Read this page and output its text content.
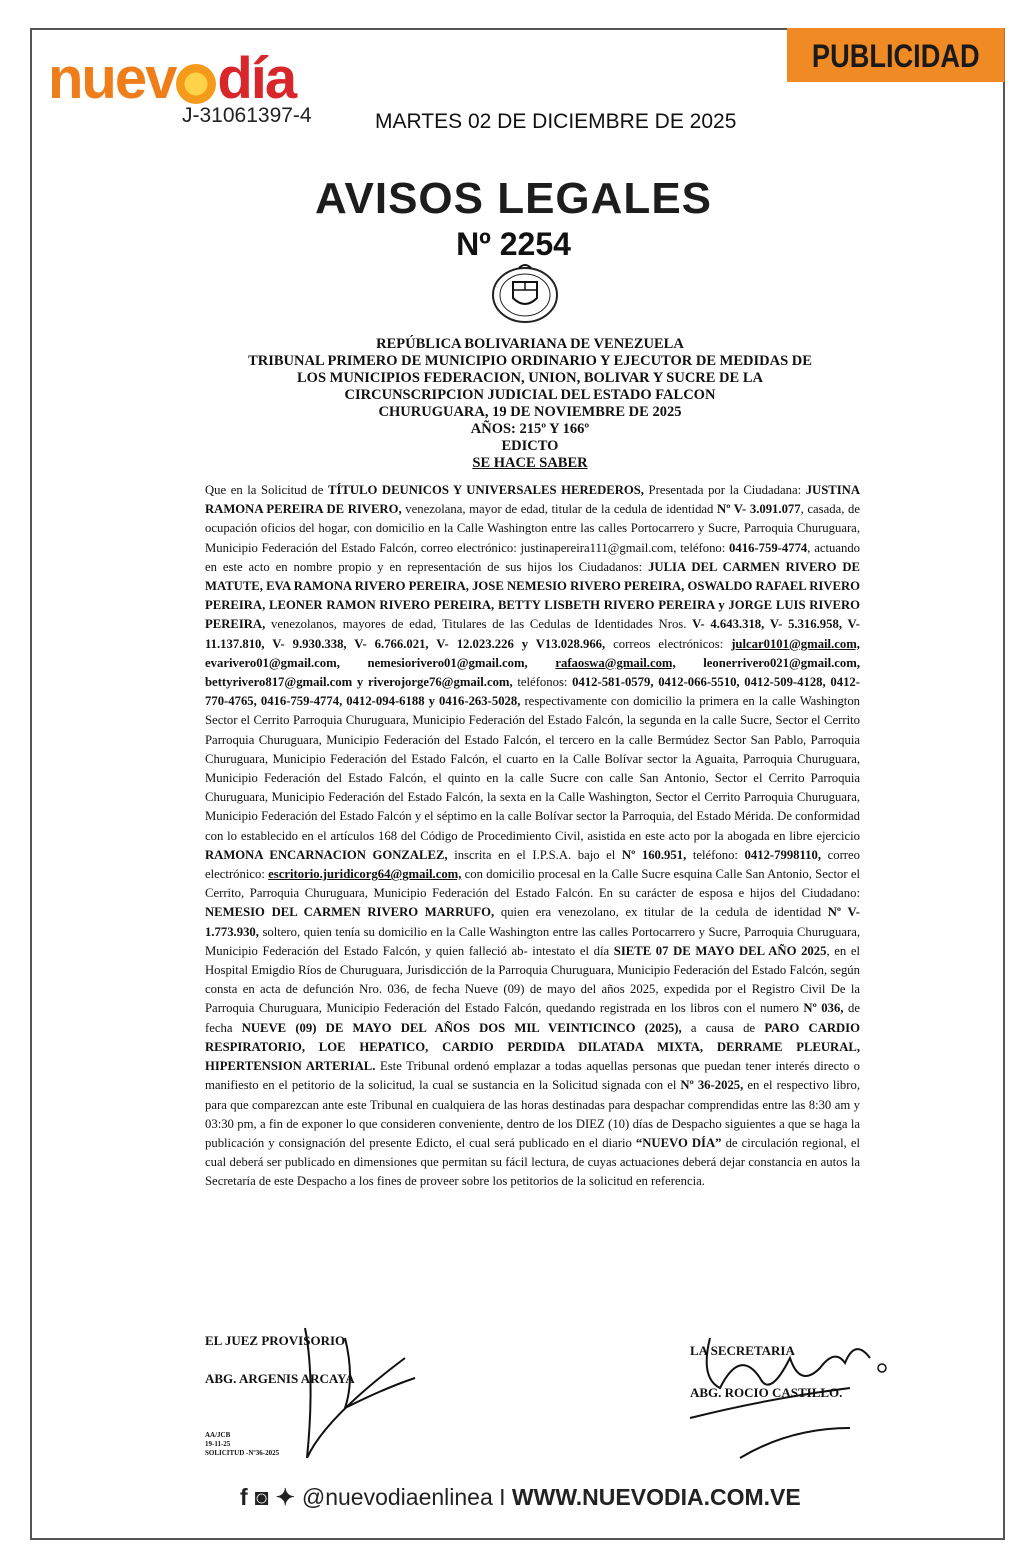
nuev día
J-31061397-4
PUBLICIDAD
MARTES 02 DE DICIEMBRE DE 2025
AVISOS LEGALES
Nº 2254
REPÚBLICA BOLIVARIANA DE VENEZUELA
TRIBUNAL PRIMERO DE MUNICIPIO ORDINARIO Y EJECUTOR DE MEDIDAS DE
LOS MUNICIPIOS FEDERACION, UNION, BOLIVAR Y SUCRE DE LA
CIRCUNSCRIPCION JUDICIAL DEL ESTADO FALCON
CHURUGUARA, 19 DE NOVIEMBRE DE 2025
AÑOS: 215º Y 166º
EDICTO
SE HACE SABER

Que en la Solicitud de TÍTULO DEUNICOS Y UNIVERSALES HEREDEROS, Presentada por la Ciudadana: JUSTINA RAMONA PEREIRA DE RIVERO, venezolana, mayor de edad, titular de la cedula de identidad Nº V- 3.091.077, casada, de ocupación oficios del hogar, con domicilio en la Calle Washington entre las calles Portocarrero y Sucre, Parroquia Churuguara, Municipio Federación del Estado Falcón, correo electrónico: justinapereira111@gmail.com, teléfono: 0416-759-4774, actuando en este acto en nombre propio y en representación de sus hijos los Ciudadanos: JULIA DEL CARMEN RIVERO DE MATUTE, EVA RAMONA RIVERO PEREIRA, JOSE NEMESIO RIVERO PEREIRA, OSWALDO RAFAEL RIVERO PEREIRA, LEONER RAMON RIVERO PEREIRA, BETTY LISBETH RIVERO PEREIRA y JORGE LUIS RIVERO PEREIRA, venezolanos, mayores de edad, Titulares de las Cedulas de Identidades Nros. V- 4.643.318, V- 5.316.958, V- 11.137.810, V- 9.930.338, V- 6.766.021, V- 12.023.226 y V13.028.966, correos electrónicos: julcar0101@gmail.com, evarivero01@gmail.com, nemesiorivero01@gmail.com, rafaoswa@gmail.com, leonerrivero021@gmail.com, bettyrivero817@gmail.com y riverojorge76@gmail.com, teléfonos: 0412-581-0579, 0412-066-5510, 0412-509-4128, 0412-770-4765, 0416-759-4774, 0412-094-6188 y 0416-263-5028, respectivamente con domicilio la primera en la calle Washington Sector el Cerrito Parroquia Churuguara, Municipio Federación del Estado Falcón, la segunda en la calle Sucre, Sector el Cerrito Parroquia Churuguara, Municipio Federación del Estado Falcón, el tercero en la calle Bermúdez Sector San Pablo, Parroquia Churuguara, Municipio Federación del Estado Falcón, el cuarto en la Calle Bolívar sector la Aguaita, Parroquia Churuguara, Municipio Federación del Estado Falcón, el quinto en la calle Sucre con calle San Antonio, Sector el Cerrito Parroquia Churuguara, Municipio Federación del Estado Falcón, la sexta en la Calle Washington, Sector el Cerrito Parroquia Churuguara, Municipio Federación del Estado Falcón y el séptimo en la calle Bolívar sector la Parroquia, del Estado Mérida. De conformidad con lo establecido en el artículos 168 del Código de Procedimiento Civil, asistida en este acto por la abogada en libre ejercicio RAMONA ENCARNACION GONZALEZ, inscrita en el I.P.S.A. bajo el Nº 160.951, teléfono: 0412-7998110, correo electrónico: escritorio.juridicorg64@gmail.com, con domicilio procesal en la Calle Sucre esquina Calle San Antonio, Sector el Cerrito, Parroquia Churuguara, Municipio Federación del Estado Falcón. En su carácter de esposa e hijos del Ciudadano: NEMESIO DEL CARMEN RIVERO MARRUFO, quien era venezolano, ex titular de la cedula de identidad Nº V- 1.773.930, soltero, quien tenía su domicilio en la Calle Washington entre las calles Portocarrero y Sucre, Parroquia Churuguara, Municipio Federación del Estado Falcón, y quien falleció ab- intestato el día SIETE 07 DE MAYO DEL AÑO 2025, en el Hospital Emigdio Ríos de Churuguara, Jurisdicción de la Parroquia Churuguara, Municipio Federación del Estado Falcón, según consta en acta de defunción Nro. 036, de fecha Nueve (09) de mayo del años 2025, expedida por el Registro Civil De la Parroquia Churuguara, Municipio Federación del Estado Falcón, quedando registrada en los libros con el numero Nº 036, de fecha NUEVE (09) DE MAYO DEL AÑOS DOS MIL VEINTICINCO (2025), a causa de PARO CARDIO RESPIRATORIO, LOE HEPATICO, CARDIO PERDIDA DILATADA MIXTA, DERRAME PLEURAL, HIPERTENSION ARTERIAL. Este Tribunal ordenó emplazar a todas aquellas personas que puedan tener interés directo o manifiesto en el petitorio de la solicitud, la cual se sustancia en la Solicitud signada con el Nº 36-2025, en el respectivo libro, para que comparezcan ante este Tribunal en cualquiera de las horas destinadas para despachar comprendidas entre las 8:30 am y 03:30 pm, a fin de exponer lo que consideren conveniente, dentro de los DIEZ (10) días de Despacho siguientes a que se haga la publicación y consignación del presente Edicto, el cual será publicado en el diario “NUEVO DÍA” de circulación regional, el cual deberá ser publicado en dimensiones que permitan su fácil lectura, de cuyas actuaciones deberá dejar constancia en autos la Secretaría de este Despacho a los fines de proveer sobre los petitorios de la solicitud en referencia.

EL JUEZ PROVISORIO
ABG. ARGENIS ARCAYA
LA SECRETARIA
ABG. ROCIO CASTILLO.
AA/JCB
19-11-25
SOLICITUD -Nº36-2025
f ◙ ✦ @nuevodiaenlinea I WWW.NUEVODIA.COM.VE
